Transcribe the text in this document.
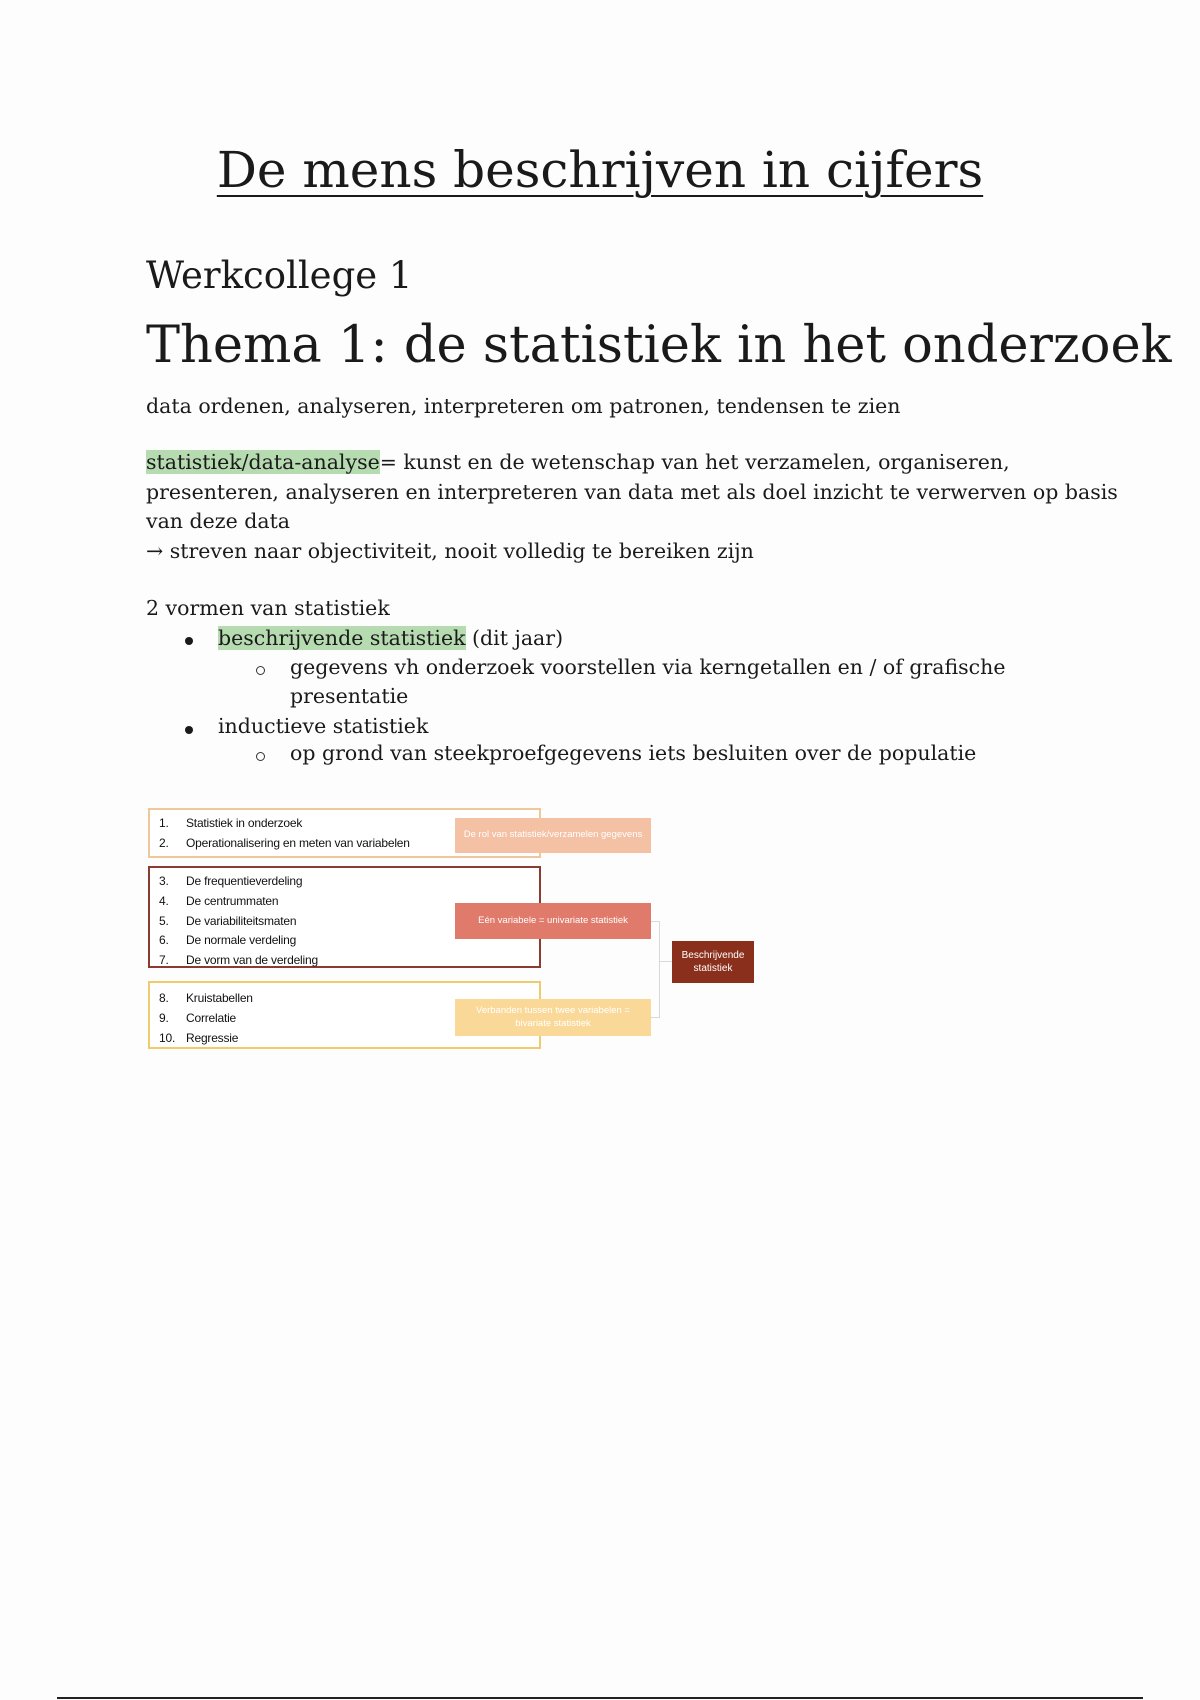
De mens beschrijven in cijfers
Werkcollege 1
Thema 1: de statistiek in het onderzoek

data ordenen, analyseren, interpreteren om patronen, tendensen te zien

statistiek/data-analyse= kunst en de wetenschap van het verzamelen, organiseren,

presenteren, analyseren en interpreteren van data met als doel inzicht te verwerven op basis

van deze data

→ streven naar objectiviteit, nooit volledig te bereiken zijn

2 vormen van statistiek

beschrijvende statistiek (dit jaar)

gegevens vh onderzoek voorstellen via kerngetallen en / of grafische

presentatie

inductieve statistiek

op grond van steekproefgegevens iets besluiten over de populatie

1. Statistiek in onderzoek
2. Operationalisering en meten van variabelen
3. De frequentieverdeling
4. De centrummaten
5. De variabiliteitsmaten
6. De normale verdeling
7. De vorm van de verdeling
8. Kruistabellen
9. Correlatie
10. Regressie
De rol van statistiek/verzamelen gegevens
Eén variabele = univariate statistiek
Verbanden tussen twee variabelen = bivariate statistiek
Beschrijvende statistiek
